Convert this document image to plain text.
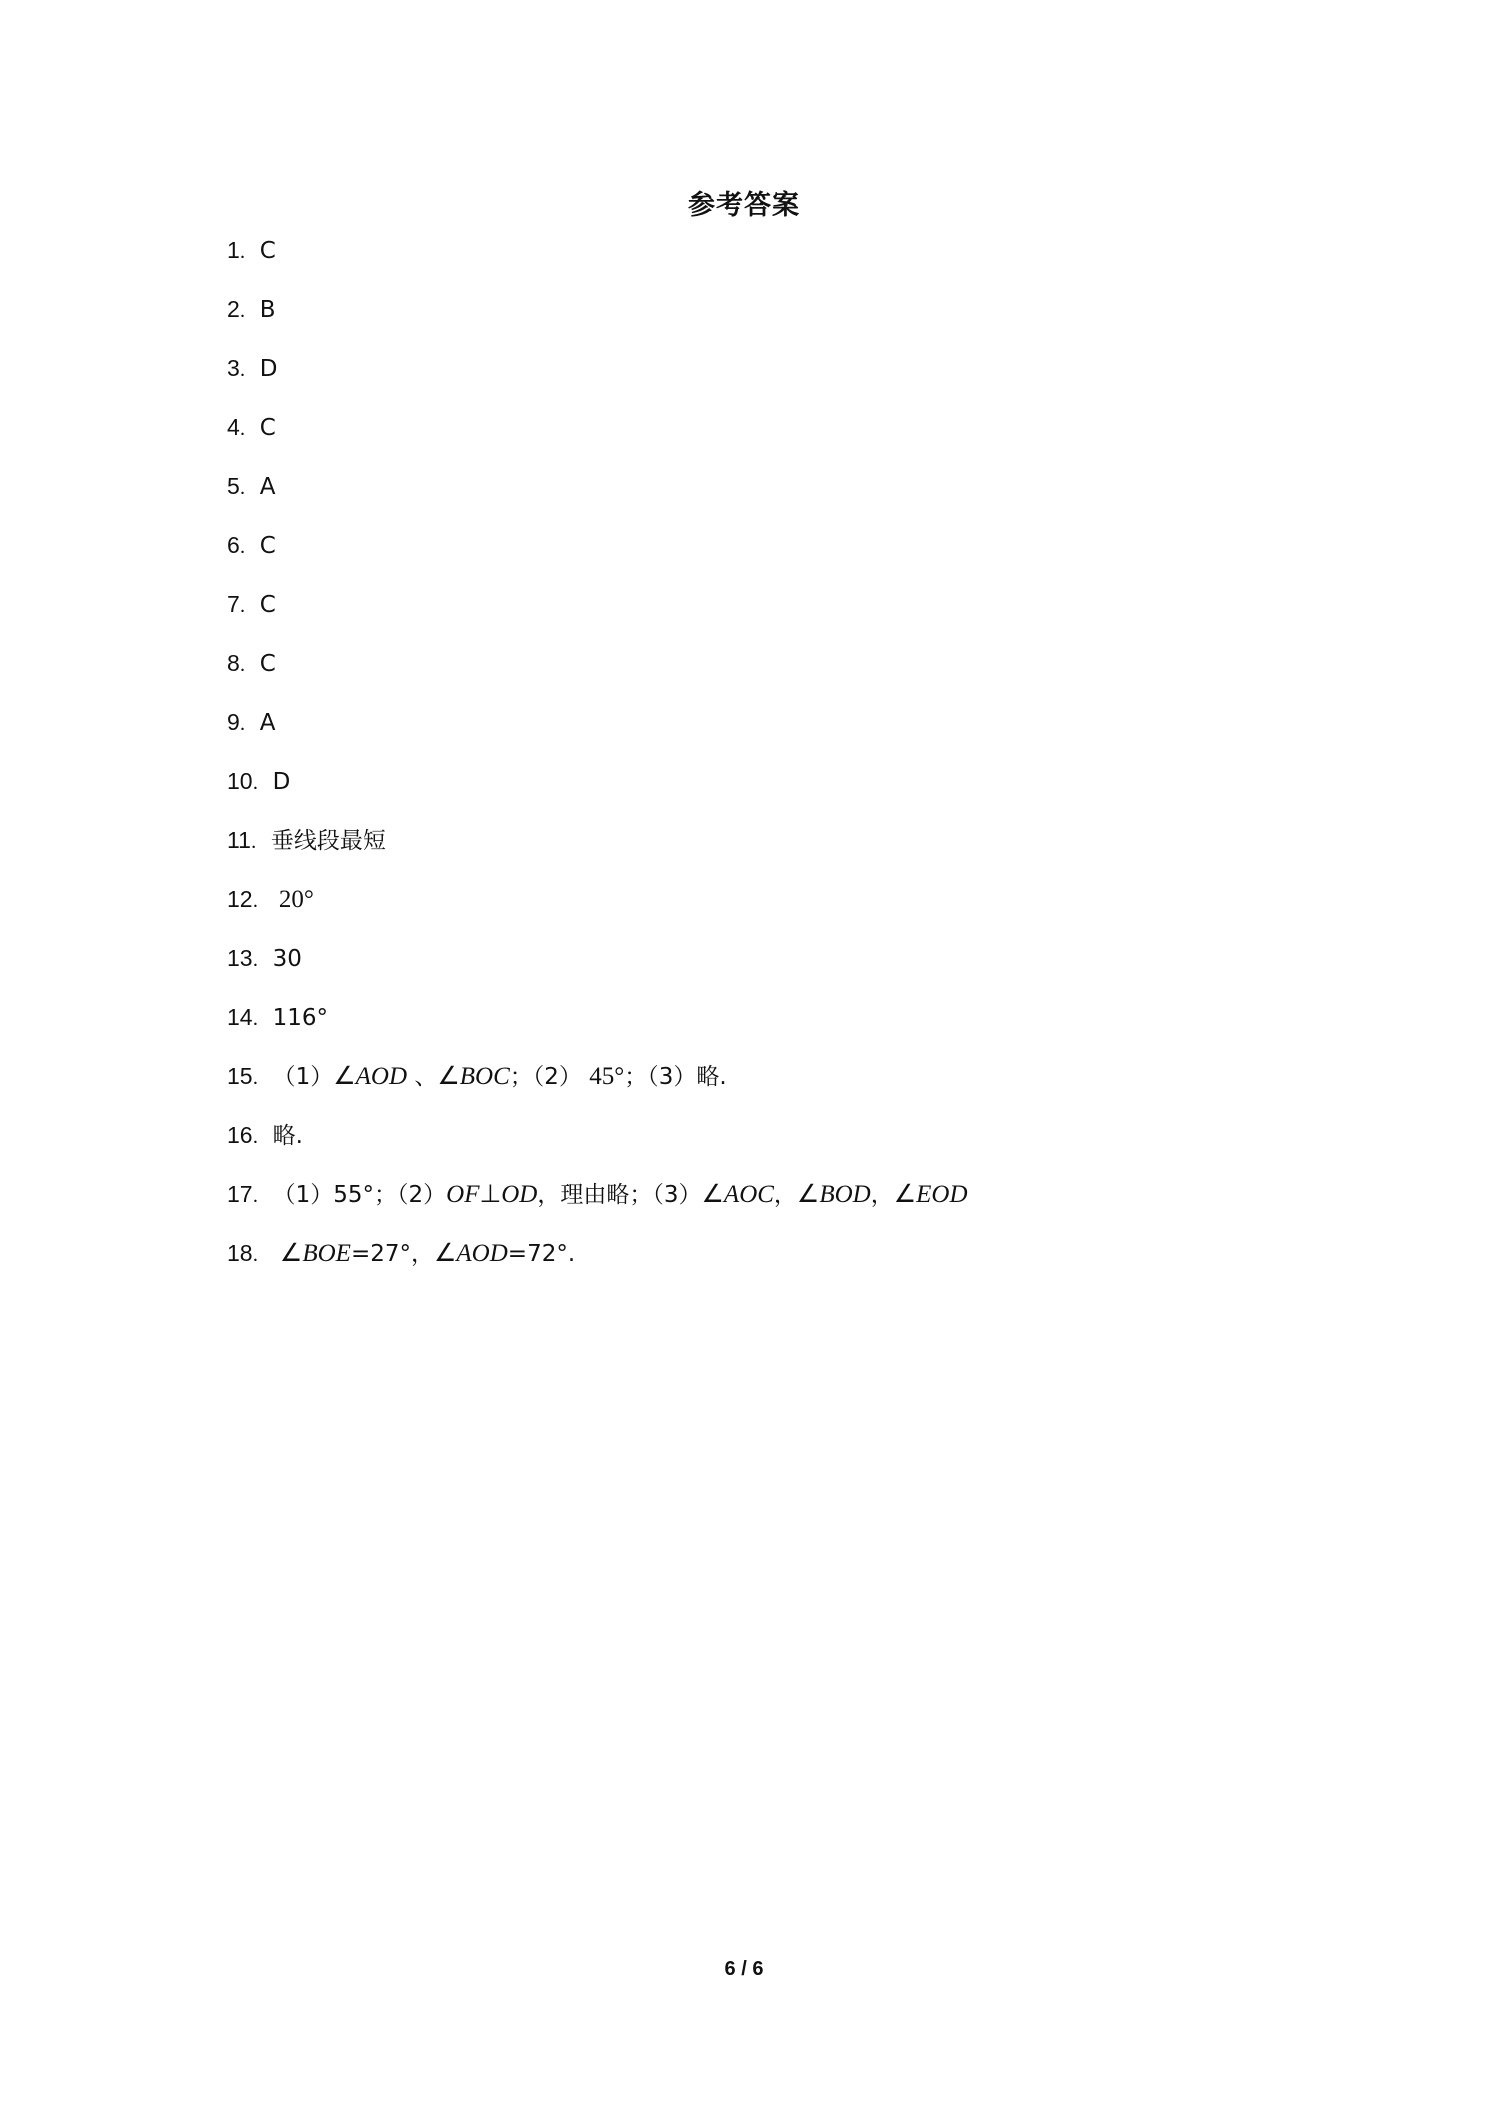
参考答案
1 ． C
2 ． B
3 ． D
4 ． C
5 ． A
6 ． C
7 ． C
8 ． C
9 ． A
10 ． D
11 ． 垂线段最短
12． 20°
13 ． 30
14 ． 116°
15 ． （1）∠AOD 、∠BOC；（2） 45°；（3）略.
16 ． 略.
17 ． （1）55°；（2）OF⊥OD，理由略；（3）∠AOC，∠BOD，∠EOD
18 ． ∠BOE=27°，∠AOD=72°.
6 / 6
